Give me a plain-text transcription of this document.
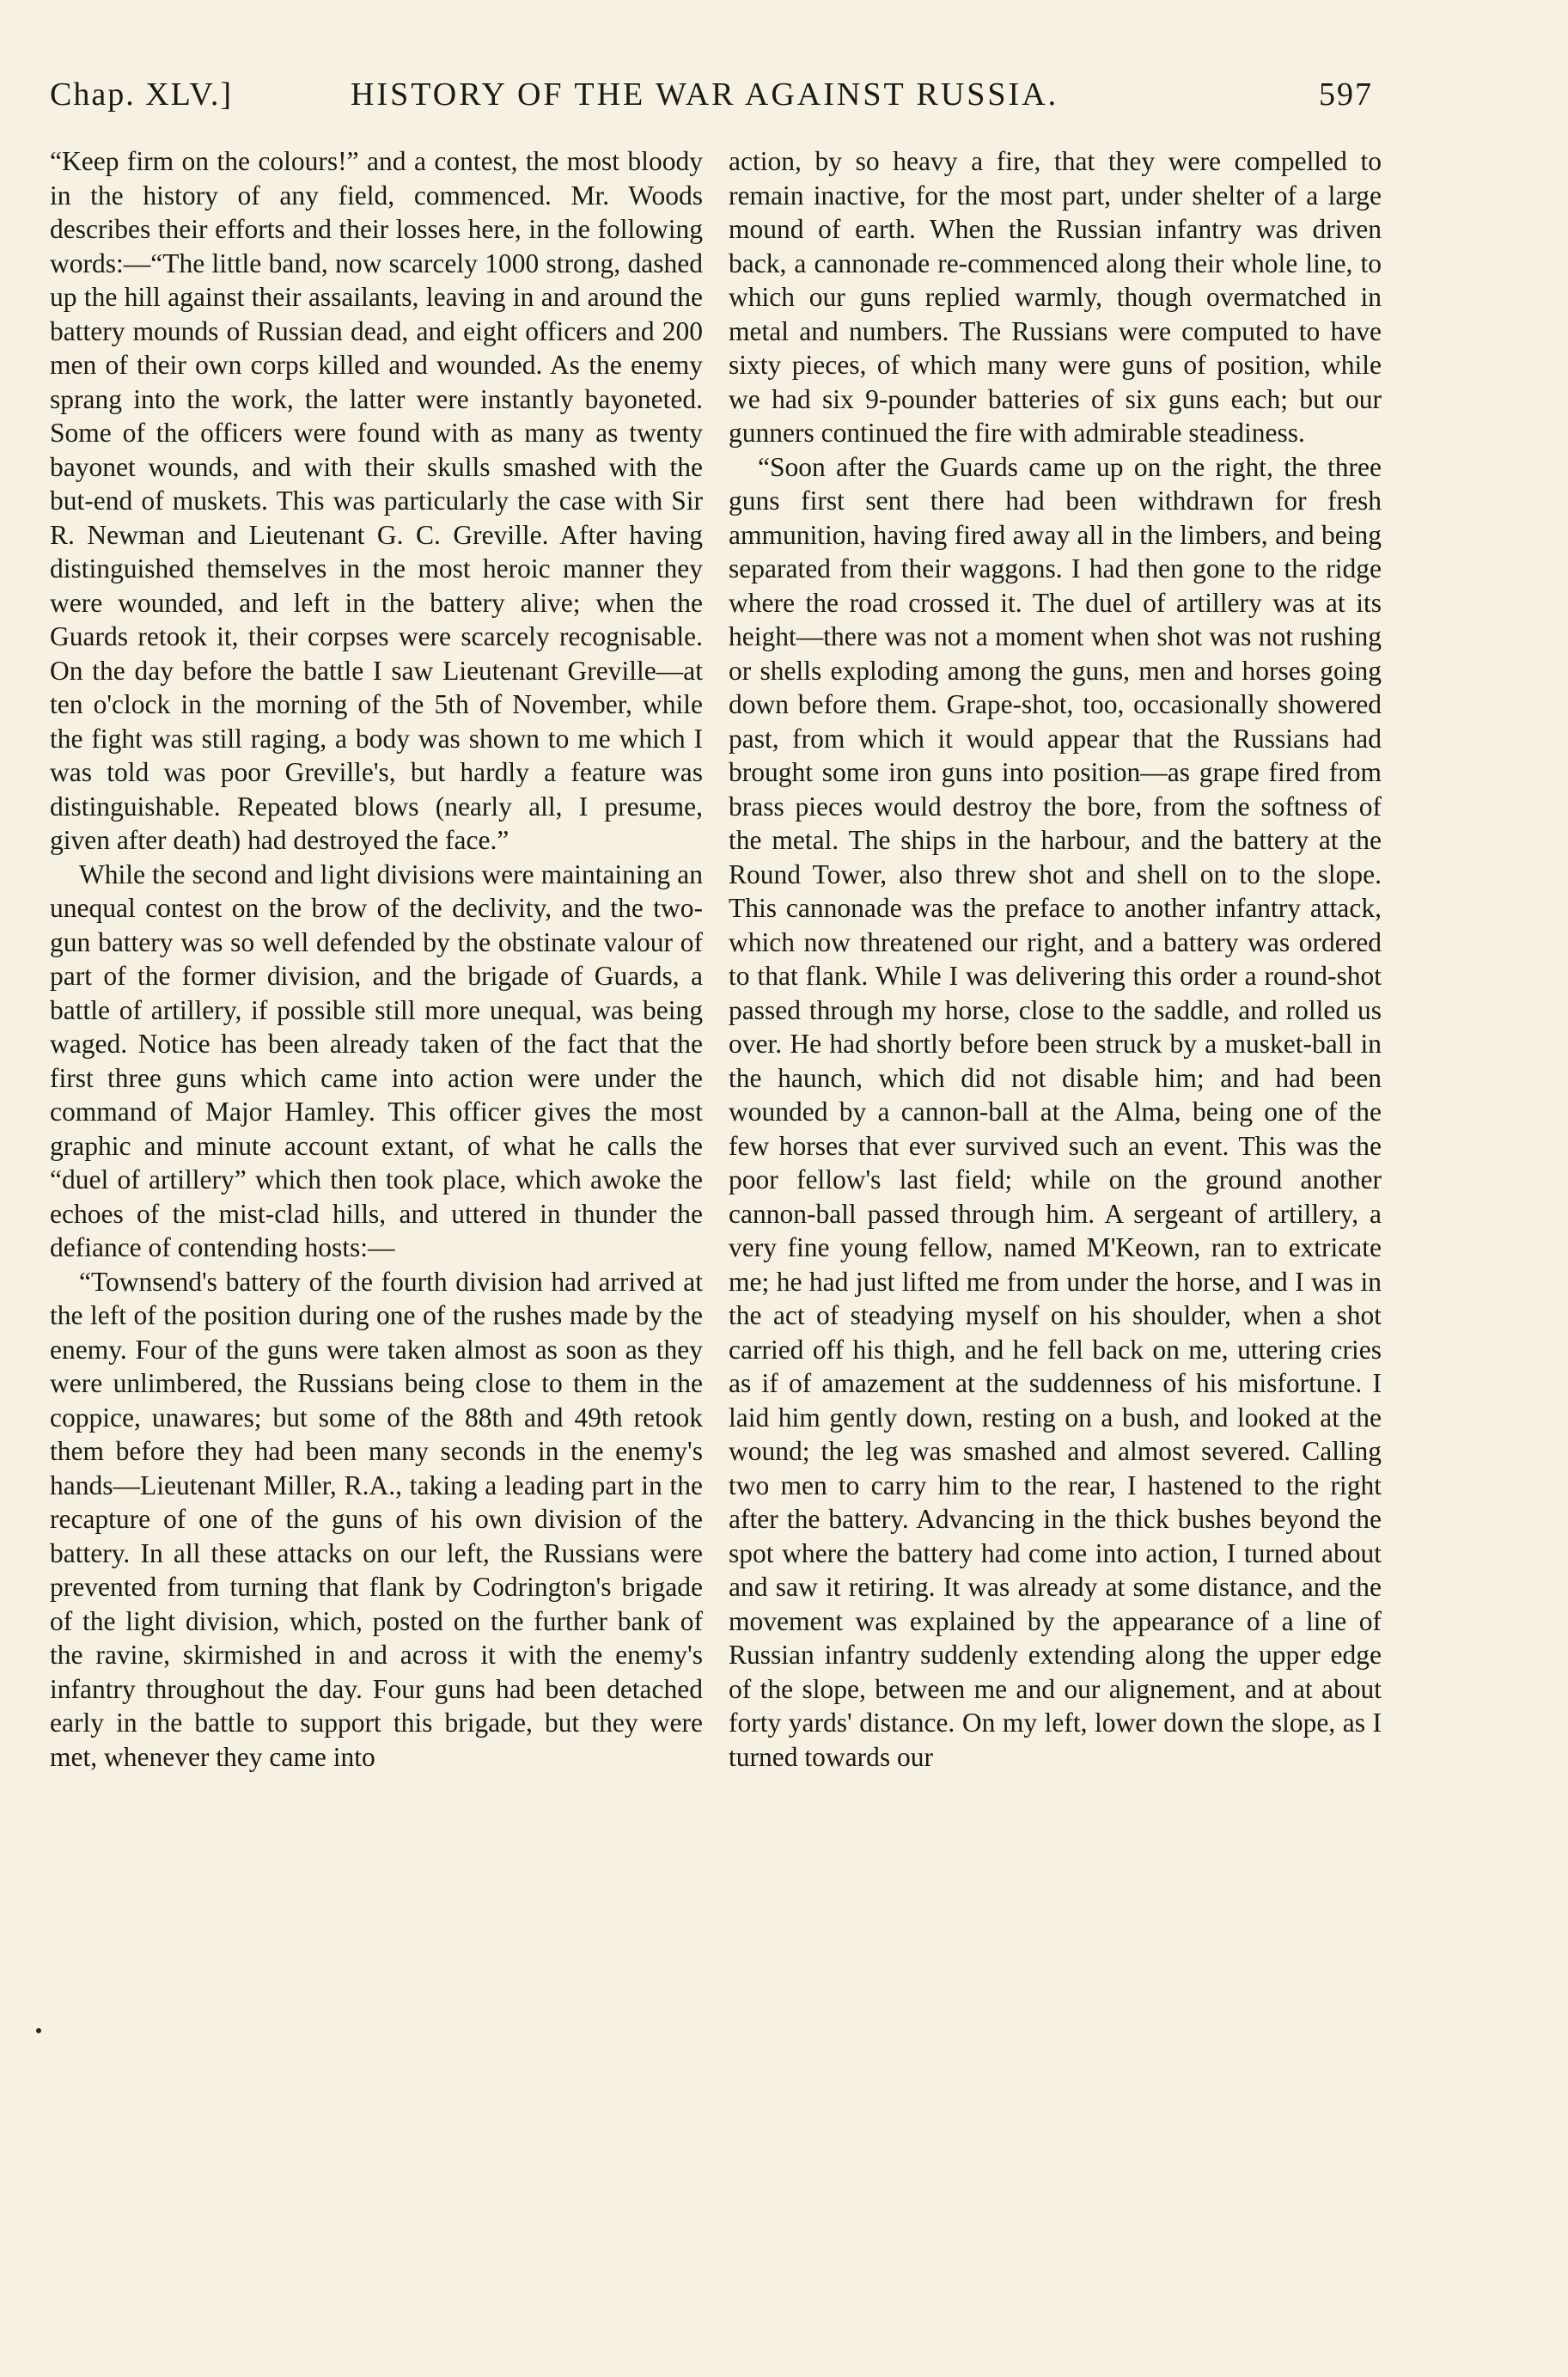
Chap. XLV.]	HISTORY OF THE WAR AGAINST RUSSIA.	597

“Keep firm on the colours!” and a contest, the most bloody in the history of any field, commenced. Mr. Woods describes their efforts and their losses here, in the following words:—“The little band, now scarcely 1000 strong, dashed up the hill against their assailants, leaving in and around the battery mounds of Russian dead, and eight officers and 200 men of their own corps killed and wounded. As the enemy sprang into the work, the latter were instantly bayoneted. Some of the officers were found with as many as twenty bayonet wounds, and with their skulls smashed with the but-end of muskets. This was particularly the case with Sir R. Newman and Lieutenant G. C. Greville. After having distinguished themselves in the most heroic manner they were wounded, and left in the battery alive; when the Guards retook it, their corpses were scarcely recognisable. On the day before the battle I saw Lieutenant Greville—at ten o'clock in the morning of the 5th of November, while the fight was still raging, a body was shown to me which I was told was poor Greville's, but hardly a feature was distinguishable. Repeated blows (nearly all, I presume, given after death) had destroyed the face.”

While the second and light divisions were maintaining an unequal contest on the brow of the declivity, and the two-gun battery was so well defended by the obstinate valour of part of the former division, and the brigade of Guards, a battle of artillery, if possible still more unequal, was being waged. Notice has been already taken of the fact that the first three guns which came into action were under the command of Major Hamley. This officer gives the most graphic and minute account extant, of what he calls the “duel of artillery” which then took place, which awoke the echoes of the mist-clad hills, and uttered in thunder the defiance of contending hosts:—

“Townsend's battery of the fourth division had arrived at the left of the position during one of the rushes made by the enemy. Four of the guns were taken almost as soon as they were unlimbered, the Russians being close to them in the coppice, unawares; but some of the 88th and 49th retook them before they had been many seconds in the enemy's hands—Lieutenant Miller, R.A., taking a leading part in the recapture of one of the guns of his own division of the battery. In all these attacks on our left, the Russians were prevented from turning that flank by Codrington's brigade of the light division, which, posted on the further bank of the ravine, skirmished in and across it with the enemy's infantry throughout the day. Four guns had been detached early in the battle to support this brigade, but they were met, whenever they came into

action, by so heavy a fire, that they were compelled to remain inactive, for the most part, under shelter of a large mound of earth. When the Russian infantry was driven back, a cannonade re-commenced along their whole line, to which our guns replied warmly, though overmatched in metal and numbers. The Russians were computed to have sixty pieces, of which many were guns of position, while we had six 9-pounder batteries of six guns each; but our gunners continued the fire with admirable steadiness.

“Soon after the Guards came up on the right, the three guns first sent there had been withdrawn for fresh ammunition, having fired away all in the limbers, and being separated from their waggons. I had then gone to the ridge where the road crossed it. The duel of artillery was at its height—there was not a moment when shot was not rushing or shells exploding among the guns, men and horses going down before them. Grape-shot, too, occasionally showered past, from which it would appear that the Russians had brought some iron guns into position—as grape fired from brass pieces would destroy the bore, from the softness of the metal. The ships in the harbour, and the battery at the Round Tower, also threw shot and shell on to the slope. This cannonade was the preface to another infantry attack, which now threatened our right, and a battery was ordered to that flank. While I was delivering this order a round-shot passed through my horse, close to the saddle, and rolled us over. He had shortly before been struck by a musket-ball in the haunch, which did not disable him; and had been wounded by a cannon-ball at the Alma, being one of the few horses that ever survived such an event. This was the poor fellow's last field; while on the ground another cannon-ball passed through him. A sergeant of artillery, a very fine young fellow, named M'Keown, ran to extricate me; he had just lifted me from under the horse, and I was in the act of steadying myself on his shoulder, when a shot carried off his thigh, and he fell back on me, uttering cries as if of amazement at the suddenness of his misfortune. I laid him gently down, resting on a bush, and looked at the wound; the leg was smashed and almost severed. Calling two men to carry him to the rear, I hastened to the right after the battery. Advancing in the thick bushes beyond the spot where the battery had come into action, I turned about and saw it retiring. It was already at some distance, and the movement was explained by the appearance of a line of Russian infantry suddenly extending along the upper edge of the slope, between me and our alignement, and at about forty yards' distance. On my left, lower down the slope, as I turned towards our
